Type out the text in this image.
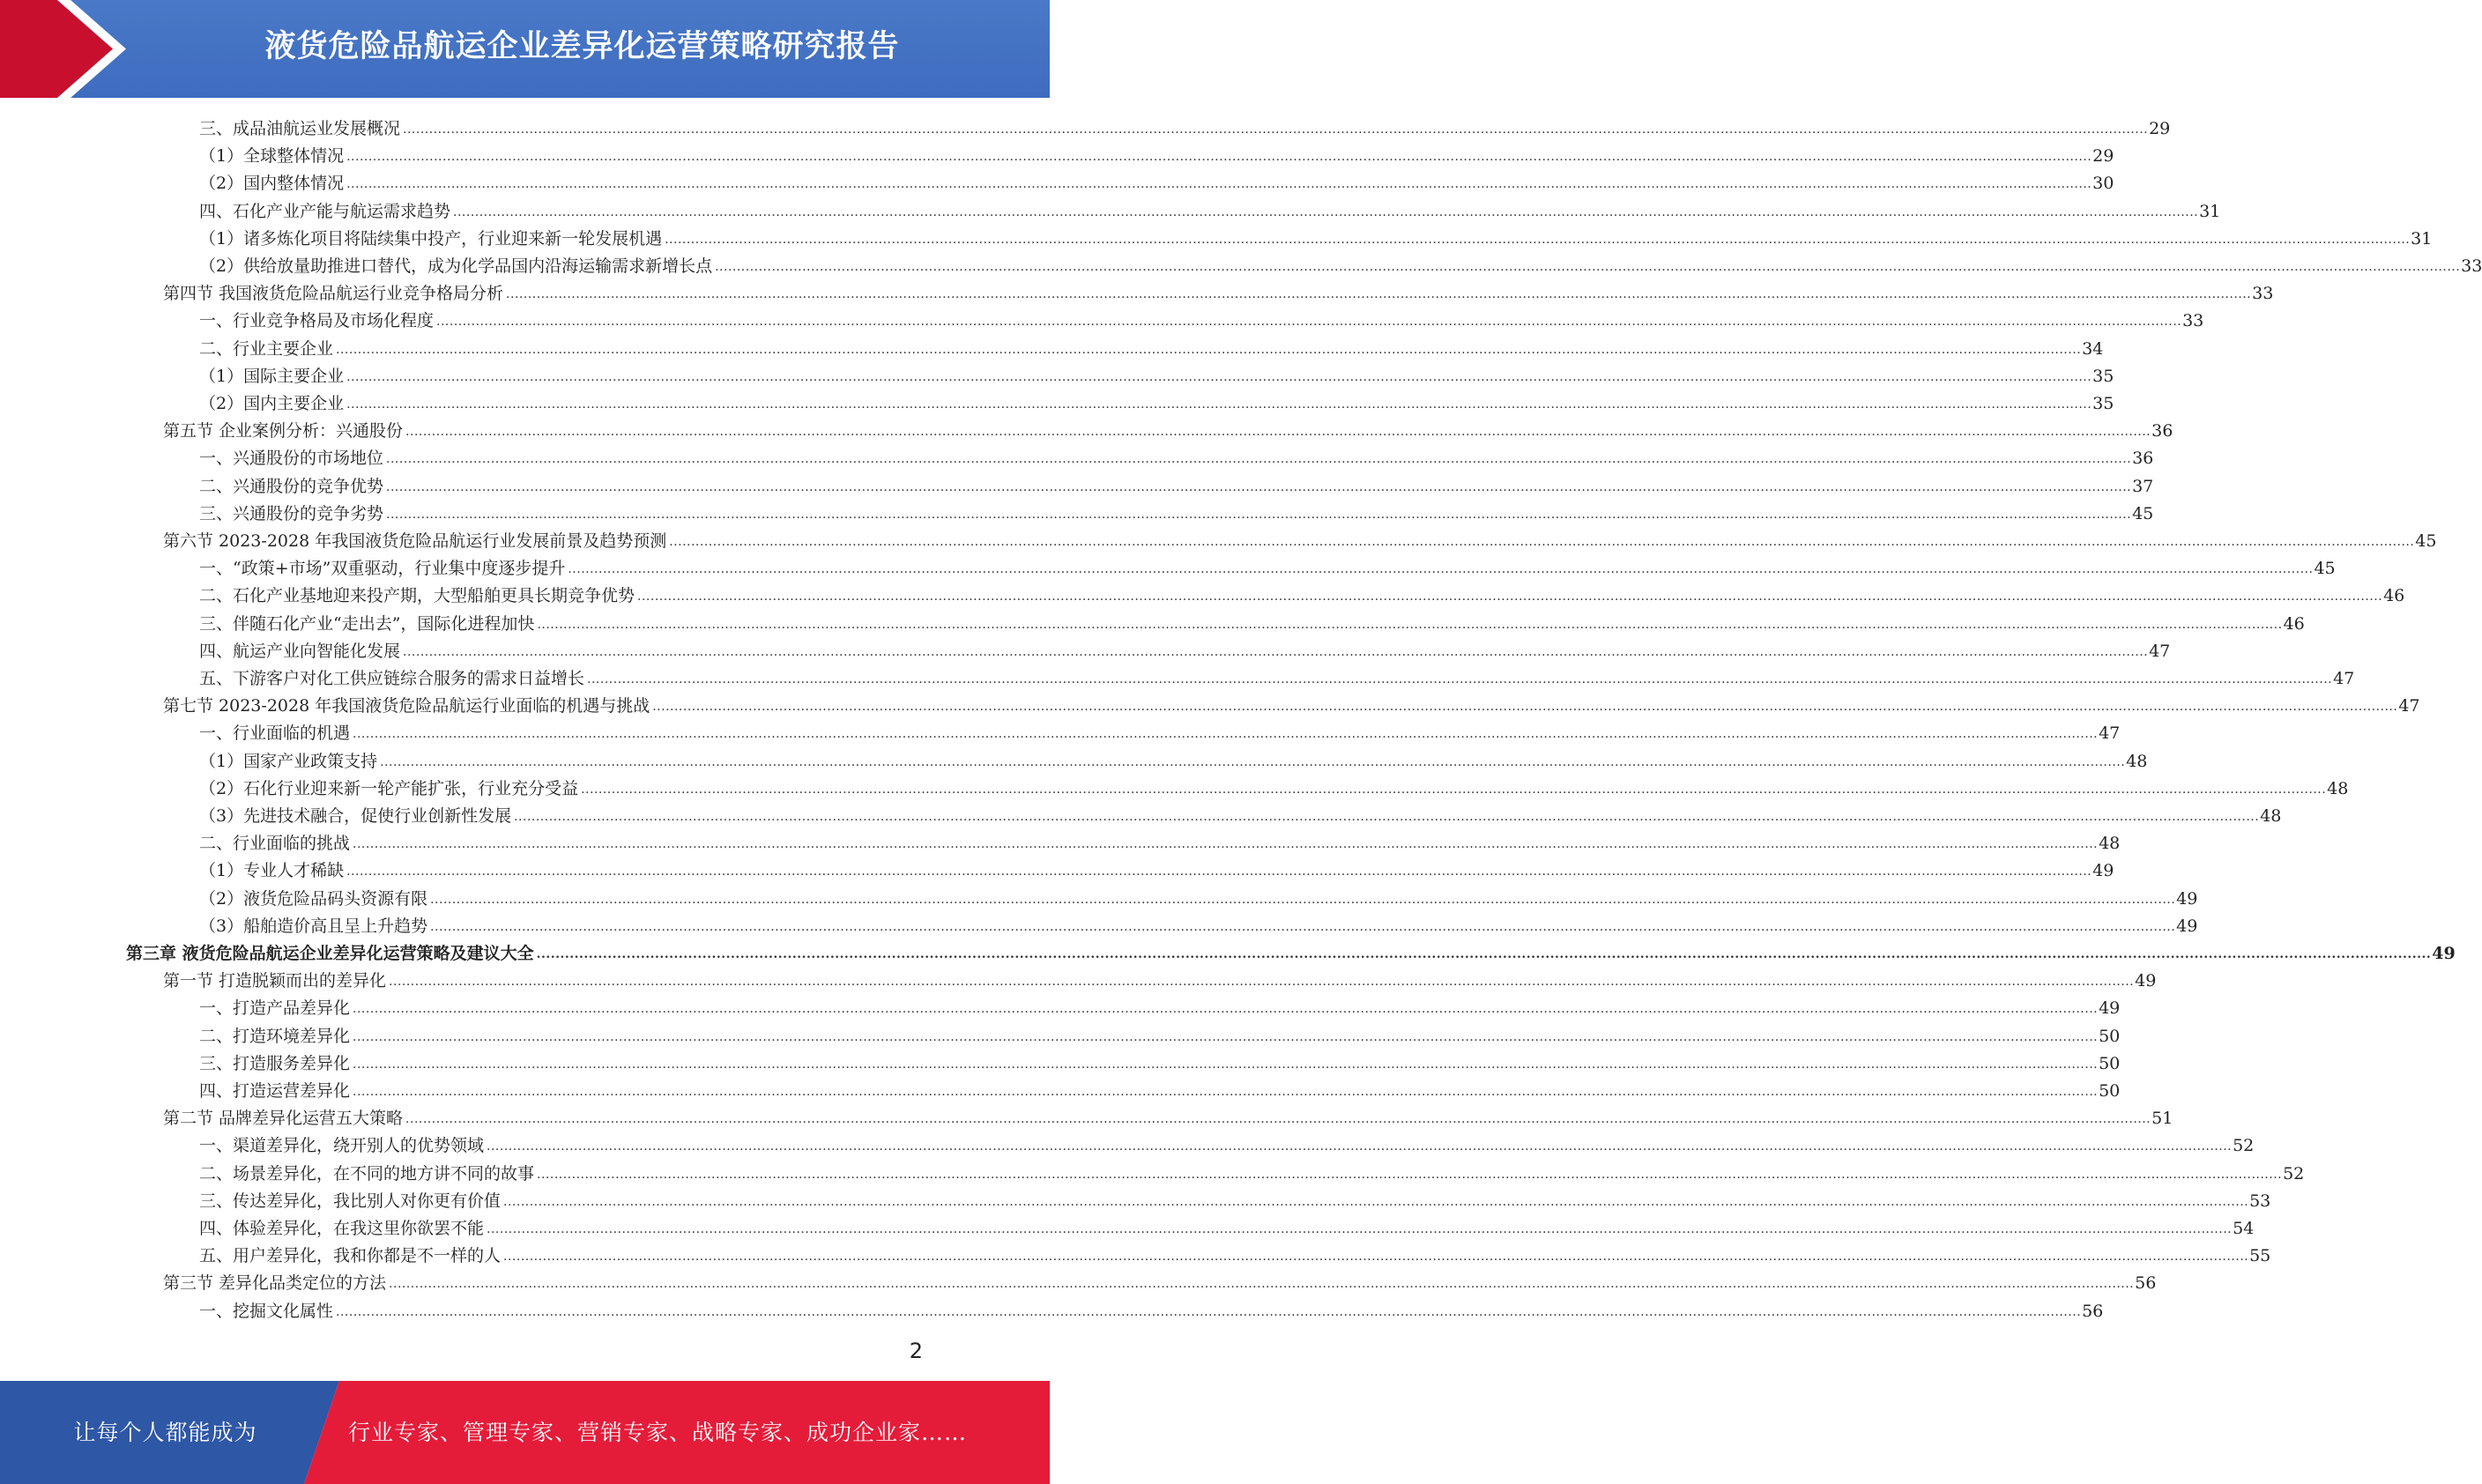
液货危险品航运企业差异化运营策略研究报告
三、成品油航运业发展概况 ................................................................................................................................................................................................................................................................................................................................................................................................................ 29
（1）全球整体情况 ................................................................................................................................................................................................................................................................................................................................................................................................................ 29
（2）国内整体情况 ................................................................................................................................................................................................................................................................................................................................................................................................................ 30
四、石化产业产能与航运需求趋势 ................................................................................................................................................................................................................................................................................................................................................................................................................ 31
（1）诸多炼化项目将陆续集中投产，行业迎来新一轮发展机遇 ................................................................................................................................................................................................................................................................................................................................................................................................................ 31
（2）供给放量助推进口替代，成为化学品国内沿海运输需求新增长点 ................................................................................................................................................................................................................................................................................................................................................................................................................ 33
第四节 我国液货危险品航运行业竞争格局分析 ................................................................................................................................................................................................................................................................................................................................................................................................................ 33
一、行业竞争格局及市场化程度 ................................................................................................................................................................................................................................................................................................................................................................................................................ 33
二、行业主要企业 ................................................................................................................................................................................................................................................................................................................................................................................................................ 34
（1）国际主要企业 ................................................................................................................................................................................................................................................................................................................................................................................................................ 35
（2）国内主要企业 ................................................................................................................................................................................................................................................................................................................................................................................................................ 35
第五节 企业案例分析：兴通股份 ................................................................................................................................................................................................................................................................................................................................................................................................................ 36
一、兴通股份的市场地位 ................................................................................................................................................................................................................................................................................................................................................................................................................ 36
二、兴通股份的竞争优势 ................................................................................................................................................................................................................................................................................................................................................................................................................ 37
三、兴通股份的竞争劣势 ................................................................................................................................................................................................................................................................................................................................................................................................................ 45
第六节 2023-2028 年我国液货危险品航运行业发展前景及趋势预测 ................................................................................................................................................................................................................................................................................................................................................................................................................ 45
一、“政策+市场”双重驱动，行业集中度逐步提升 ................................................................................................................................................................................................................................................................................................................................................................................................................ 45
二、石化产业基地迎来投产期，大型船舶更具长期竞争优势 ................................................................................................................................................................................................................................................................................................................................................................................................................ 46
三、伴随石化产业“走出去”，国际化进程加快 ................................................................................................................................................................................................................................................................................................................................................................................................................ 46
四、航运产业向智能化发展 ................................................................................................................................................................................................................................................................................................................................................................................................................ 47
五、下游客户对化工供应链综合服务的需求日益增长 ................................................................................................................................................................................................................................................................................................................................................................................................................ 47
第七节 2023-2028 年我国液货危险品航运行业面临的机遇与挑战 ................................................................................................................................................................................................................................................................................................................................................................................................................ 47
一、行业面临的机遇 ................................................................................................................................................................................................................................................................................................................................................................................................................ 47
（1）国家产业政策支持 ................................................................................................................................................................................................................................................................................................................................................................................................................ 48
（2）石化行业迎来新一轮产能扩张，行业充分受益 ................................................................................................................................................................................................................................................................................................................................................................................................................ 48
（3）先进技术融合，促使行业创新性发展 ................................................................................................................................................................................................................................................................................................................................................................................................................ 48
二、行业面临的挑战 ................................................................................................................................................................................................................................................................................................................................................................................................................ 48
（1）专业人才稀缺 ................................................................................................................................................................................................................................................................................................................................................................................................................ 49
（2）液货危险品码头资源有限 ................................................................................................................................................................................................................................................................................................................................................................................................................ 49
（3）船舶造价高且呈上升趋势 ................................................................................................................................................................................................................................................................................................................................................................................................................ 49
第三章 液货危险品航运企业差异化运营策略及建议大全 ................................................................................................................................................................................................................................................................................................................................................................................................................ 49
第一节 打造脱颖而出的差异化 ................................................................................................................................................................................................................................................................................................................................................................................................................ 49
一、打造产品差异化 ................................................................................................................................................................................................................................................................................................................................................................................................................ 49
二、打造环境差异化 ................................................................................................................................................................................................................................................................................................................................................................................................................ 50
三、打造服务差异化 ................................................................................................................................................................................................................................................................................................................................................................................................................ 50
四、打造运营差异化 ................................................................................................................................................................................................................................................................................................................................................................................................................ 50
第二节 品牌差异化运营五大策略 ................................................................................................................................................................................................................................................................................................................................................................................................................ 51
一、渠道差异化，绕开别人的优势领域 ................................................................................................................................................................................................................................................................................................................................................................................................................ 52
二、场景差异化，在不同的地方讲不同的故事 ................................................................................................................................................................................................................................................................................................................................................................................................................ 52
三、传达差异化，我比别人对你更有价值 ................................................................................................................................................................................................................................................................................................................................................................................................................ 53
四、体验差异化，在我这里你欲罢不能 ................................................................................................................................................................................................................................................................................................................................................................................................................ 54
五、用户差异化，我和你都是不一样的人 ................................................................................................................................................................................................................................................................................................................................................................................................................ 55
第三节 差异化品类定位的方法 ................................................................................................................................................................................................................................................................................................................................................................................................................ 56
一、挖掘文化属性 ................................................................................................................................................................................................................................................................................................................................................................................................................ 56
2
让每个人都能成为	行业专家、管理专家、营销专家、战略专家、成功企业家……
